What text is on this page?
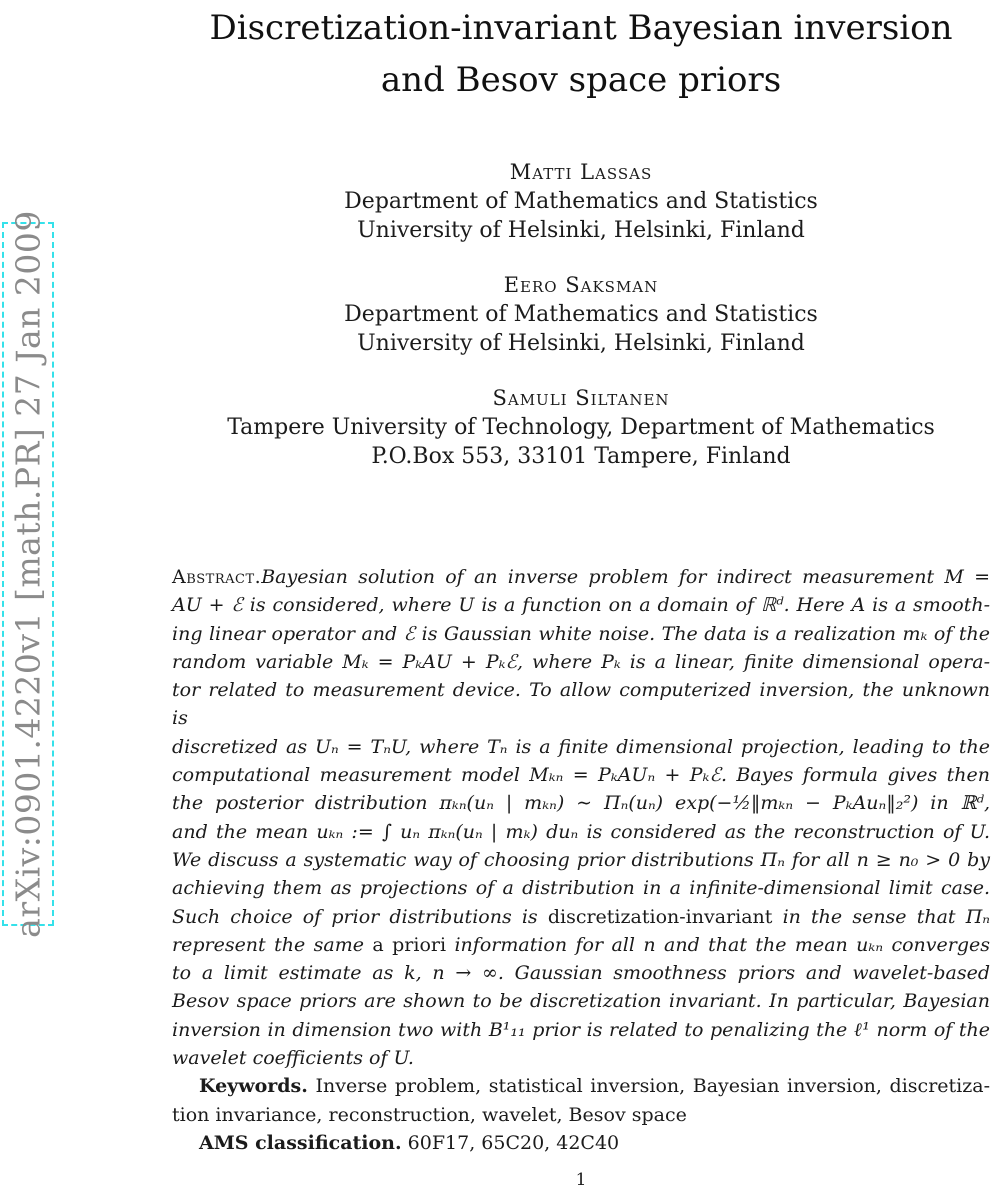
arXiv:0901.4220v1 [math.PR] 27 Jan 2009
Discretization-invariant Bayesian inversion
and Besov space priors
Matti Lassas
Department of Mathematics and Statistics
University of Helsinki, Helsinki, Finland
Eero Saksman
Department of Mathematics and Statistics
University of Helsinki, Helsinki, Finland
Samuli Siltanen
Tampere University of Technology, Department of Mathematics
P.O.Box 553, 33101 Tampere, Finland
Abstract.Bayesian solution of an inverse problem for indirect measurement M =
AU + ℰ is considered, where U is a function on a domain of ℝᵈ. Here A is a smooth-
ing linear operator and ℰ is Gaussian white noise. The data is a realization mₖ of the
random variable Mₖ = PₖAU + Pₖℰ, where Pₖ is a linear, finite dimensional opera-
tor related to measurement device. To allow computerized inversion, the unknown is
discretized as Uₙ = TₙU, where Tₙ is a finite dimensional projection, leading to the
computational measurement model Mₖₙ = PₖAUₙ + Pₖℰ. Bayes formula gives then
the posterior distribution πₖₙ(uₙ | mₖₙ) ∼ Πₙ(uₙ) exp(−½‖mₖₙ − PₖAuₙ‖₂²) in ℝᵈ,
and the mean uₖₙ := ∫ uₙ πₖₙ(uₙ | mₖ) duₙ is considered as the reconstruction of U.
We discuss a systematic way of choosing prior distributions Πₙ for all n ≥ n₀ > 0 by
achieving them as projections of a distribution in a infinite-dimensional limit case.
Such choice of prior distributions is discretization-invariant in the sense that Πₙ
represent the same a priori information for all n and that the mean uₖₙ converges
to a limit estimate as k, n → ∞. Gaussian smoothness priors and wavelet-based
Besov space priors are shown to be discretization invariant. In particular, Bayesian
inversion in dimension two with B¹₁₁ prior is related to penalizing the ℓ¹ norm of the
wavelet coefficients of U.
Keywords. Inverse problem, statistical inversion, Bayesian inversion, discretiza-
tion invariance, reconstruction, wavelet, Besov space
AMS classification. 60F17, 65C20, 42C40
1
